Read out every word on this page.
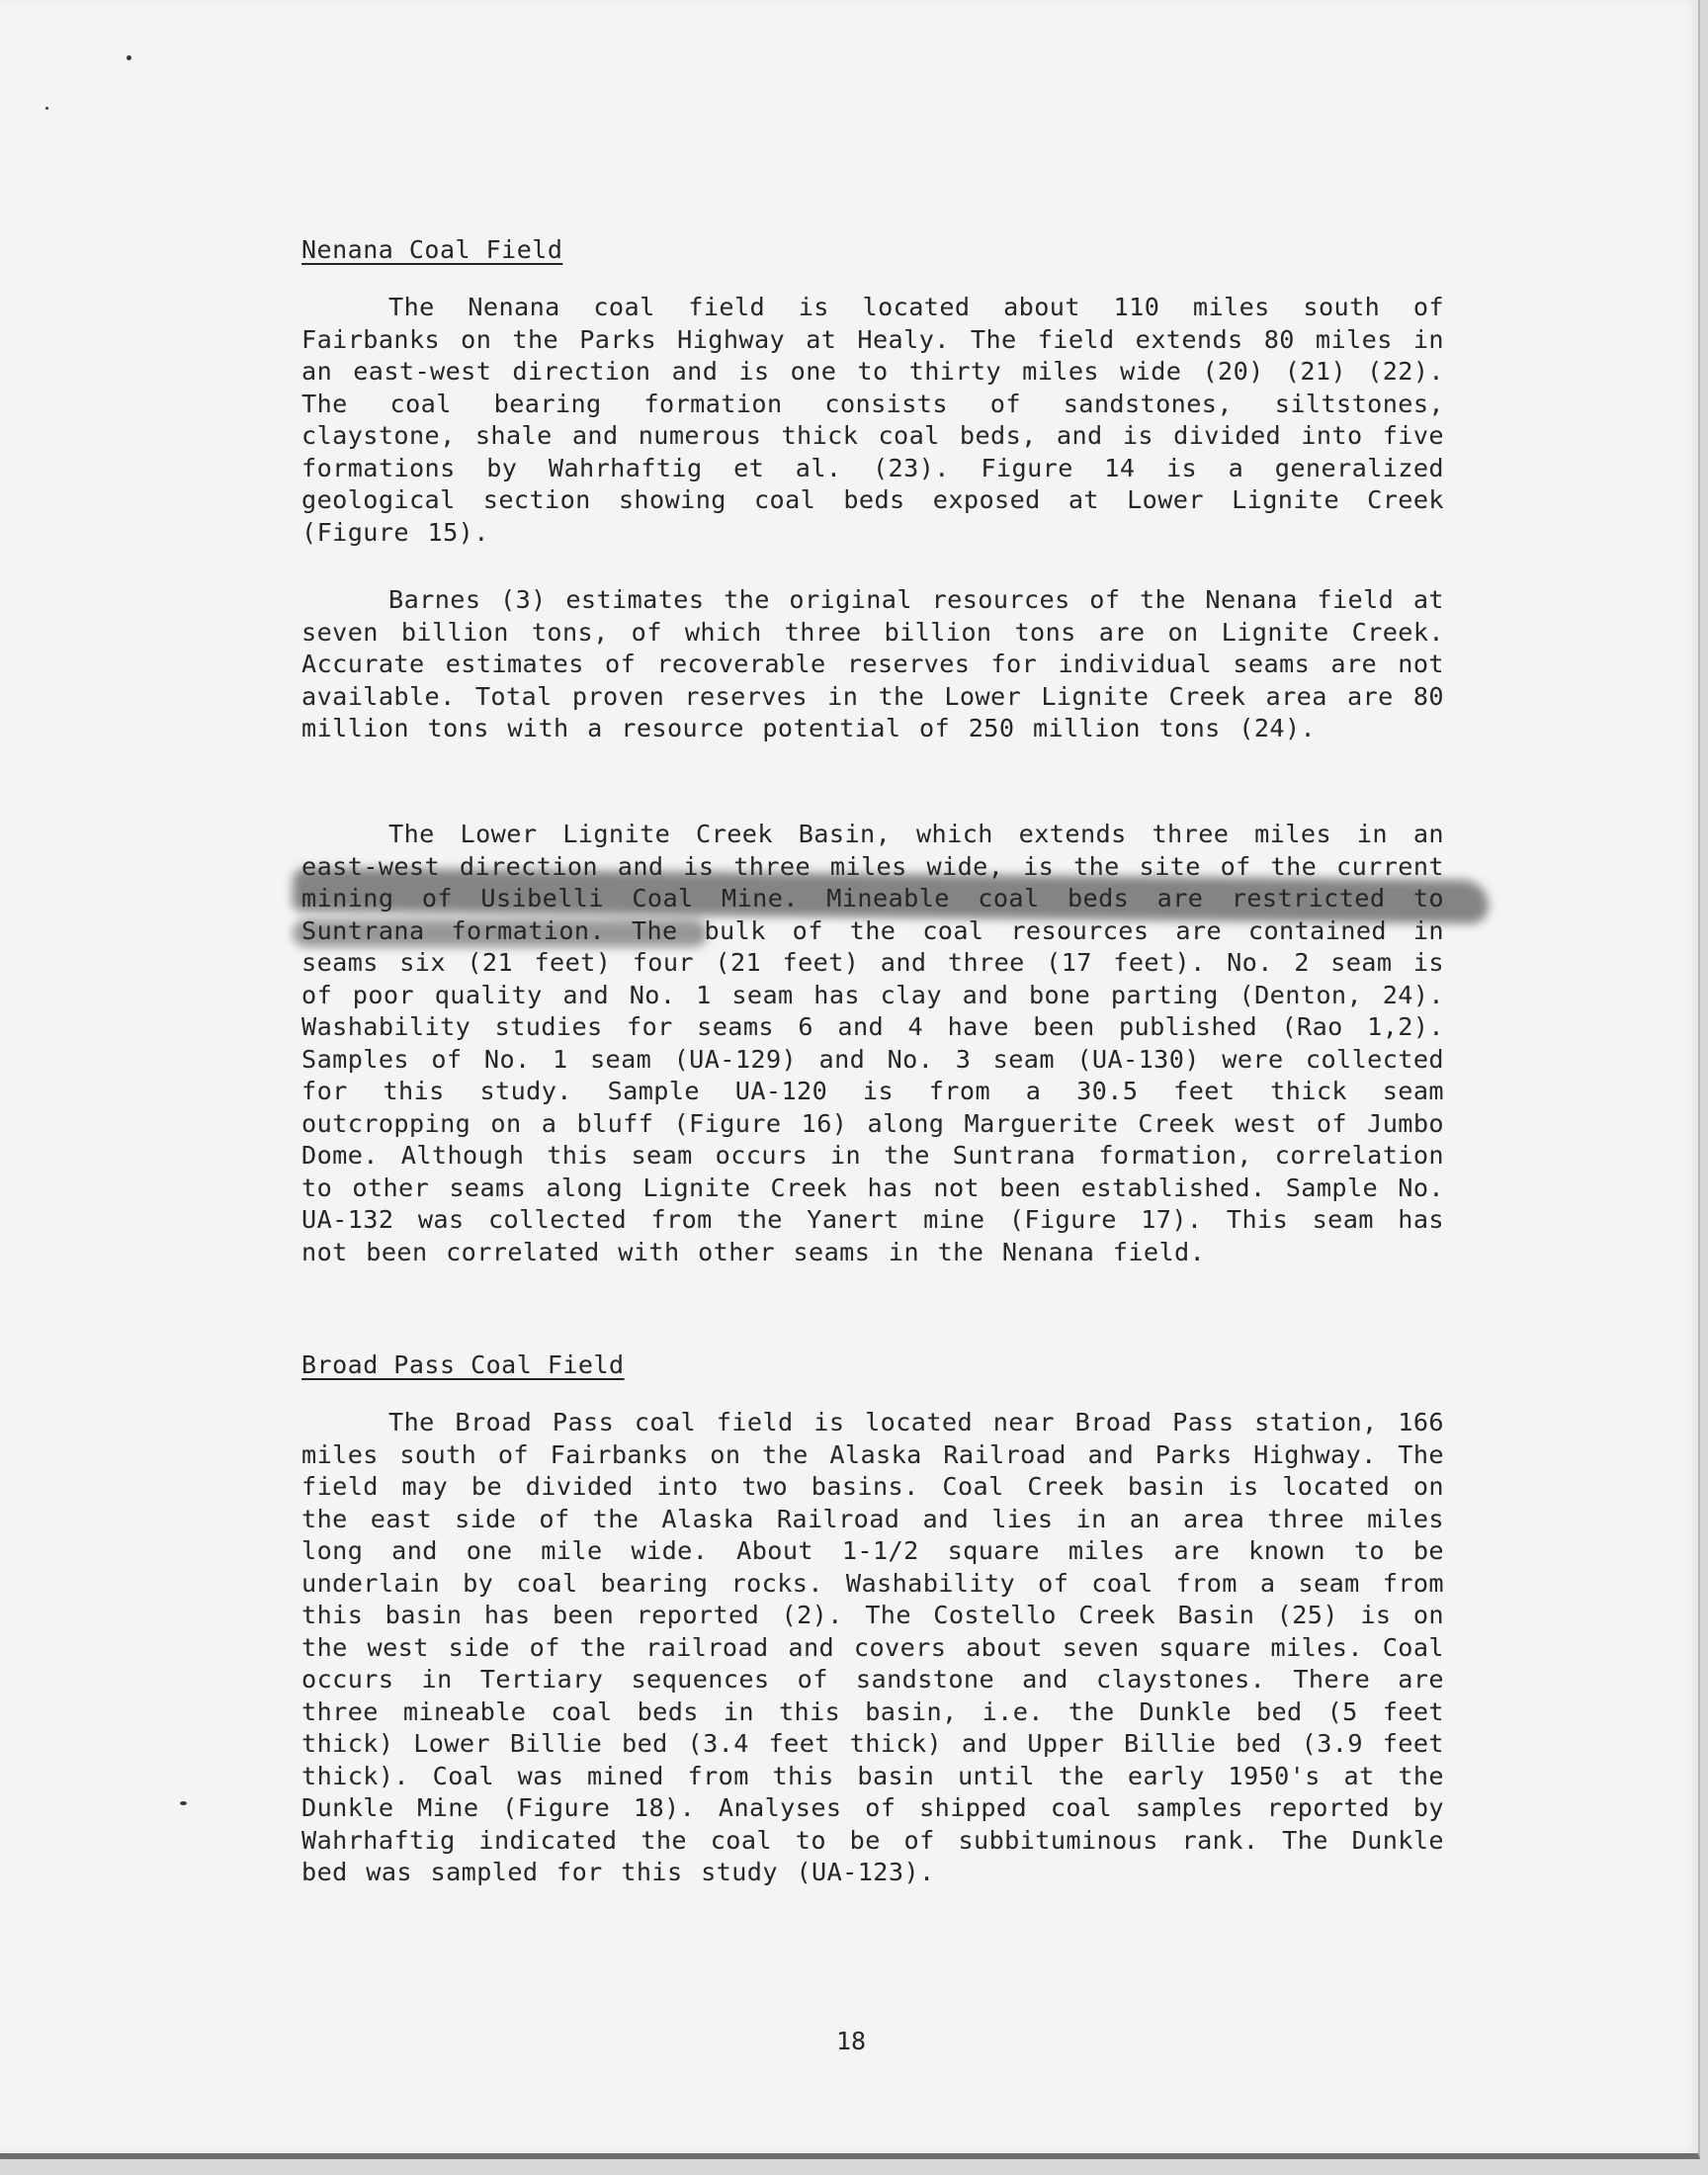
Nenana Coal Field

The Nenana coal field is located about 110 miles south of Fairbanks on the Parks Highway at Healy. The field extends 80 miles in an east-west direction and is one to thirty miles wide (20) (21) (22). The coal bearing formation consists of sandstones, siltstones, claystone, shale and numerous thick coal beds, and is divided into five formations by Wahrhaftig et al. (23). Figure 14 is a generalized geological section showing coal beds exposed at Lower Lignite Creek (Figure 15).

Barnes (3) estimates the original resources of the Nenana field at seven billion tons, of which three billion tons are on Lignite Creek. Accurate estimates of recoverable reserves for individual seams are not available. Total proven reserves in the Lower Lignite Creek area are 80 million tons with a resource potential of 250 million tons (24).

The Lower Lignite Creek Basin, which extends three miles in an east-west direction and is three miles wide, is the site of the current mining of Usibelli Coal Mine. Mineable coal beds are restricted to Suntrana formation. The bulk of the coal resources are contained in seams six (21 feet) four (21 feet) and three (17 feet). No. 2 seam is of poor quality and No. 1 seam has clay and bone parting (Denton, 24). Washability studies for seams 6 and 4 have been published (Rao 1,2). Samples of No. 1 seam (UA-129) and No. 3 seam (UA-130) were collected for this study. Sample UA-120 is from a 30.5 feet thick seam outcropping on a bluff (Figure 16) along Marguerite Creek west of Jumbo Dome. Although this seam occurs in the Suntrana formation, correlation to other seams along Lignite Creek has not been established. Sample No. UA-132 was collected from the Yanert mine (Figure 17). This seam has not been correlated with other seams in the Nenana field.

Broad Pass Coal Field

The Broad Pass coal field is located near Broad Pass station, 166 miles south of Fairbanks on the Alaska Railroad and Parks Highway. The field may be divided into two basins. Coal Creek basin is located on the east side of the Alaska Railroad and lies in an area three miles long and one mile wide. About 1-1/2 square miles are known to be underlain by coal bearing rocks. Washability of coal from a seam from this basin has been reported (2). The Costello Creek Basin (25) is on the west side of the railroad and covers about seven square miles. Coal occurs in Tertiary sequences of sandstone and claystones. There are three mineable coal beds in this basin, i.e. the Dunkle bed (5 feet thick) Lower Billie bed (3.4 feet thick) and Upper Billie bed (3.9 feet thick). Coal was mined from this basin until the early 1950's at the Dunkle Mine (Figure 18). Analyses of shipped coal samples reported by Wahrhaftig indicated the coal to be of subbituminous rank. The Dunkle bed was sampled for this study (UA-123).

18
